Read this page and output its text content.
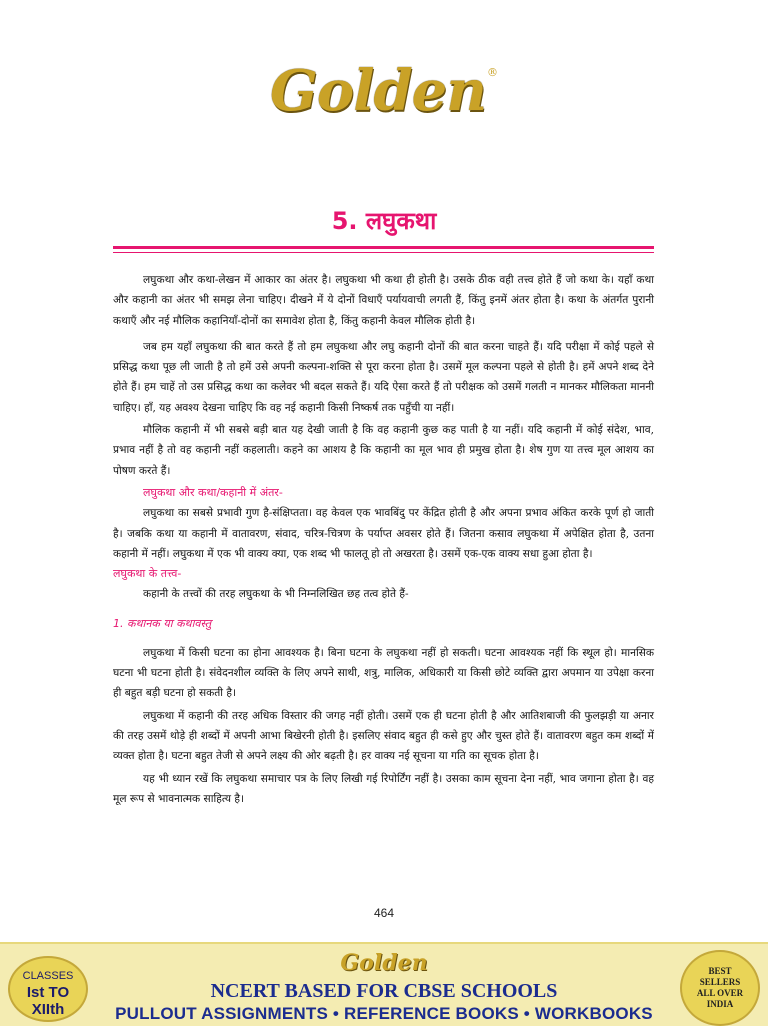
Golden®
5. लघुकथा

लघुकथा और कथा-लेखन में आकार का अंतर है। लघुकथा भी कथा ही होती है। उसके ठीक वही तत्त्व होते हैं जो कथा के। यहाँ कथा और कहानी का अंतर भी समझ लेना चाहिए। दीखने में ये दोनों विधाएँ पर्यायवाची लगती हैं, किंतु इनमें अंतर होता है। कथा के अंतर्गत पुरानी कथाएँ और नई मौलिक कहानियाँ-दोनों का समावेश होता है, किंतु कहानी केवल मौलिक होती है।

जब हम यहाँ लघुकथा की बात करते हैं तो हम लघुकथा और लघु कहानी दोनों की बात करना चाहते हैं। यदि परीक्षा में कोई पहले से प्रसिद्ध कथा पूछ ली जाती है तो हमें उसे अपनी कल्पना-शक्ति से पूरा करना होता है। उसमें मूल कल्पना पहले से होती है। हमें अपने शब्द देने होते हैं। हम चाहें तो उस प्रसिद्ध कथा का कलेवर भी बदल सकते हैं। यदि ऐसा करते हैं तो परीक्षक को उसमें गलती न मानकर मौलिकता माननी चाहिए। हाँ, यह अवश्य देखना चाहिए कि वह नई कहानी किसी निष्कर्ष तक पहुँची या नहीं।

मौलिक कहानी में भी सबसे बड़ी बात यह देखी जाती है कि वह कहानी कुछ कह पाती है या नहीं। यदि कहानी में कोई संदेश, भाव, प्रभाव नहीं है तो वह कहानी नहीं कहलाती। कहने का आशय है कि कहानी का मूल भाव ही प्रमुख होता है। शेष गुण या तत्त्व मूल आशय का पोषण करते हैं।

लघुकथा और कथा/कहानी में अंतर-

लघुकथा का सबसे प्रभावी गुण है-संक्षिप्तता। वह केवल एक भावबिंदु पर केंद्रित होती है और अपना प्रभाव अंकित करके पूर्ण हो जाती है। जबकि कथा या कहानी में वातावरण, संवाद, चरित्र-चित्रण के पर्याप्त अवसर होते हैं। जितना कसाव लघुकथा में अपेक्षित होता है, उतना कहानी में नहीं। लघुकथा में एक भी वाक्य क्या, एक शब्द भी फालतू हो तो अखरता है। उसमें एक-एक वाक्य सधा हुआ होता है।

लघुकथा के तत्त्व-

कहानी के तत्त्वों की तरह लघुकथा के भी निम्नलिखित छह तत्व होते हैं-

1. कथानक या कथावस्तु

लघुकथा में किसी घटना का होना आवश्यक है। बिना घटना के लघुकथा नहीं हो सकती। घटना आवश्यक नहीं कि स्थूल हो। मानसिक घटना भी घटना होती है। संवेदनशील व्यक्ति के लिए अपने साथी, शत्रु, मालिक, अधिकारी या किसी छोटे व्यक्ति द्वारा अपमान या उपेक्षा करना ही बहुत बड़ी घटना हो सकती है।

लघुकथा में कहानी की तरह अधिक विस्तार की जगह नहीं होती। उसमें एक ही घटना होती है और आतिशबाजी की फुलझड़ी या अनार की तरह उसमें थोड़े ही शब्दों में अपनी आभा बिखेरनी होती है। इसलिए संवाद बहुत ही कसे हुए और चुस्त होते हैं। वातावरण बहुत कम शब्दों में व्यक्त होता है। घटना बहुत तेजी से अपने लक्ष्य की ओर बढ़ती है। हर वाक्य नई सूचना या गति का सूचक होता है।

यह भी ध्यान रखें कि लघुकथा समाचार पत्र के लिए लिखी गई रिपोर्टिंग नहीं है। उसका काम सूचना देना नहीं, भाव जगाना होता है। वह मूल रूप से भावनात्मक साहित्य है।

464
CLASSES
Ist TO XIIth
Golden
NCERT BASED FOR CBSE SCHOOLS
PULLOUT ASSIGNMENTS • REFERENCE BOOKS • WORKBOOKS
BEST
SELLERS
ALL OVER
INDIA
